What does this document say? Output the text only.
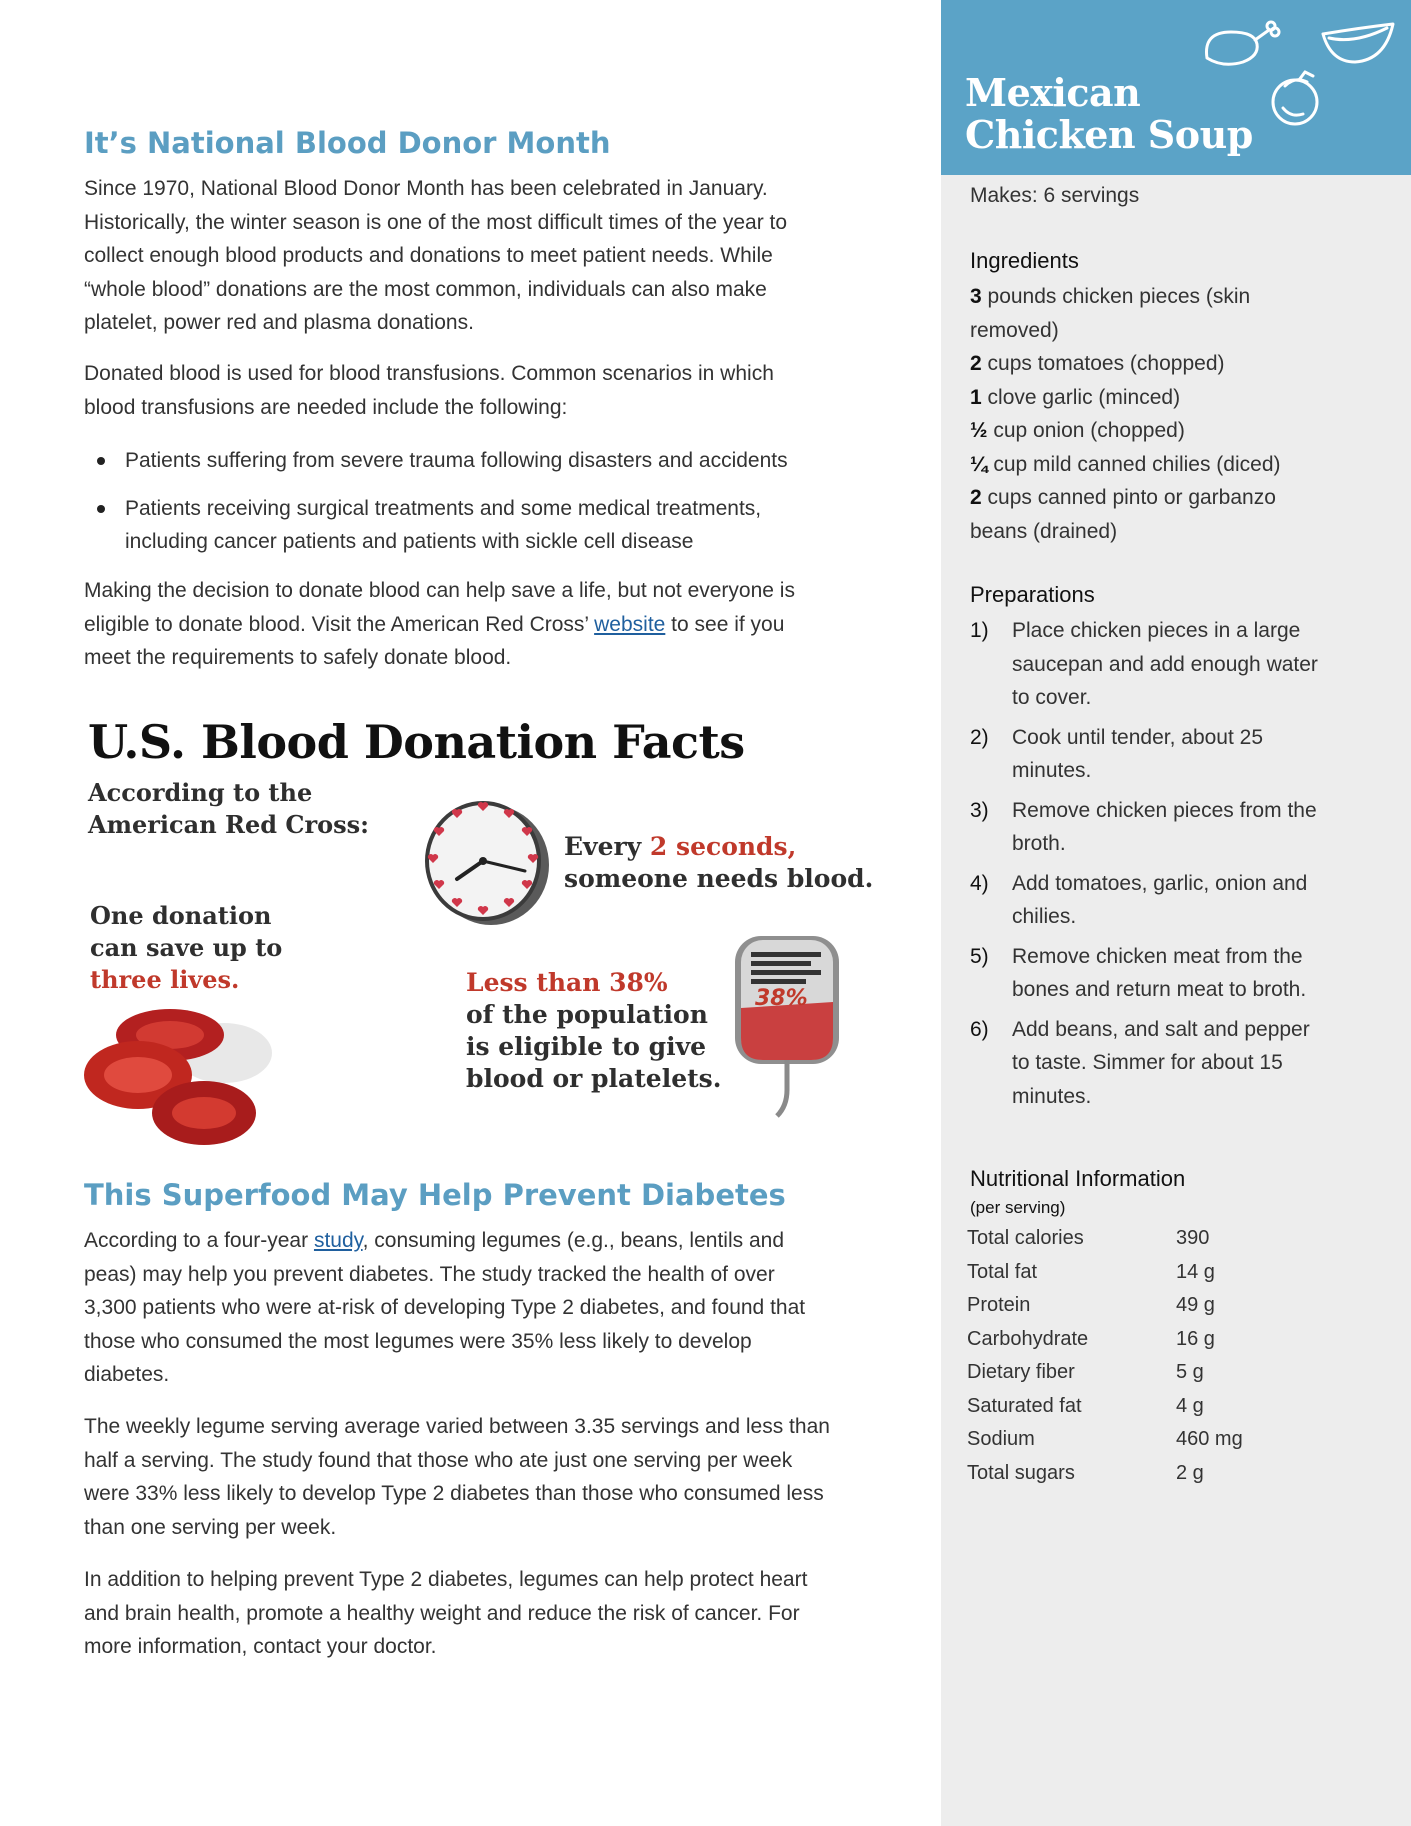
It’s National Blood Donor Month
Since 1970, National Blood Donor Month has been celebrated in January.
Historically, the winter season is one of the most difficult times of the year to
collect enough blood products and donations to meet patient needs. While
“whole blood” donations are the most common, individuals can also make
platelet, power red and plasma donations.
Donated blood is used for blood transfusions. Common scenarios in which
blood transfusions are needed include the following:
Patients suffering from severe trauma following disasters and accidents
Patients receiving surgical treatments and some medical treatments,
including cancer patients and patients with sickle cell disease
Making the decision to donate blood can help save a life, but not everyone is
eligible to donate blood. Visit the American Red Cross’ website to see if you
meet the requirements to safely donate blood.
U.S. Blood Donation Facts
According to the
American Red Cross:
Every 2 seconds,
someone needs blood.
One donation
can save up to
three lives.	Less than 38%
of the population
is eligible to give
blood or platelets.
38%
This Superfood May Help Prevent Diabetes
According to a four-year study, consuming legumes (e.g., beans, lentils and
peas) may help you prevent diabetes. The study tracked the health of over
3,300 patients who were at-risk of developing Type 2 diabetes, and found that
those who consumed the most legumes were 35% less likely to develop
diabetes.
The weekly legume serving average varied between 3.35 servings and less than
half a serving. The study found that those who ate just one serving per week
were 33% less likely to develop Type 2 diabetes than those who consumed less
than one serving per week.
In addition to helping prevent Type 2 diabetes, legumes can help protect heart
and brain health, promote a healthy weight and reduce the risk of cancer. For
more information, contact your doctor.
Mexican
Chicken Soup
Makes: 6 servings
Ingredients
3 pounds chicken pieces (skin
removed)
2 cups tomatoes (chopped)
1 clove garlic (minced)
½ cup onion (chopped)
¼ cup mild canned chilies (diced)
2 cups canned pinto or garbanzo
beans (drained)
Preparations
1) Place chicken pieces in a large
saucepan and add enough water
to cover.
2) Cook until tender, about 25
minutes.
3) Remove chicken pieces from the
broth.
4) Add tomatoes, garlic, onion and
chilies.
5) Remove chicken meat from the
bones and return meat to broth.
6) Add beans, and salt and pepper
to taste. Simmer for about 15
minutes.
Nutritional Information
(per serving)
Total calories	390
Total fat	14 g
Protein	49 g
Carbohydrate	16 g
Dietary fiber	5 g
Saturated fat	4 g
Sodium	460 mg
Total sugars	2 g
